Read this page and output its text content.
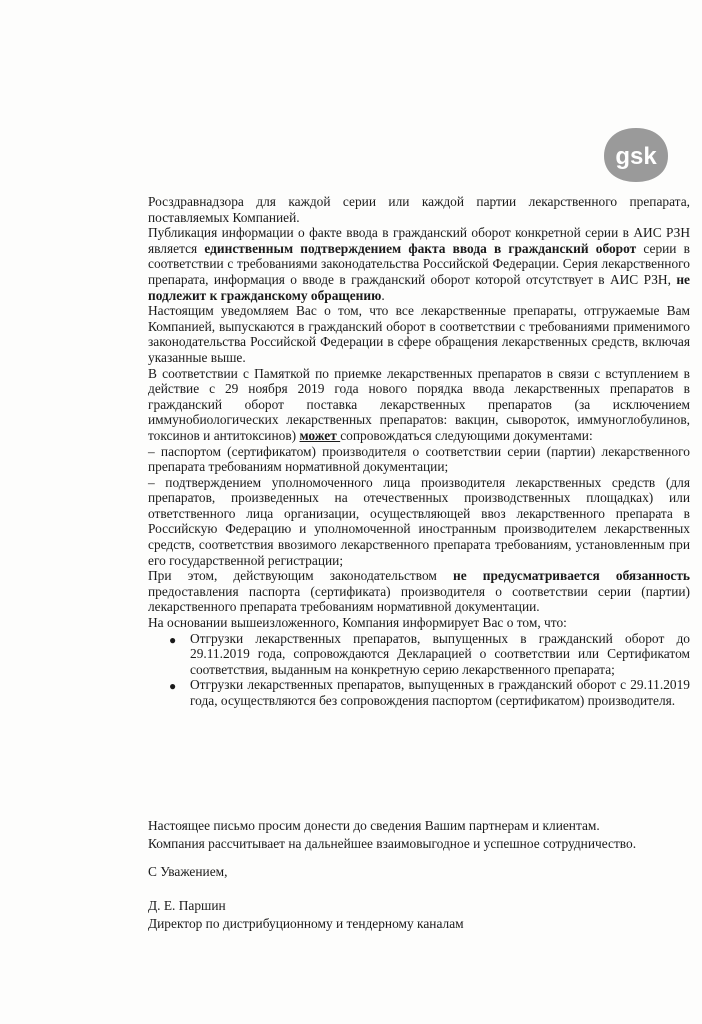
gsk

Росздравнадзора для каждой серии или каждой партии лекарственного препарата, поставляемых Компанией.

Публикация информации о факте ввода в гражданский оборот конкретной серии в АИС РЗН является единственным подтверждением факта ввода в гражданский оборот серии в соответствии с требованиями законодательства Российской Федерации. Серия лекарственного препарата, информация о вводе в гражданский оборот которой отсутствует в АИС РЗН, не подлежит к гражданскому обращению.

Настоящим уведомляем Вас о том, что все лекарственные препараты, отгружаемые Вам Компанией, выпускаются в гражданский оборот в соответствии с требованиями применимого законодательства Российской Федерации в сфере обращения лекарственных средств, включая указанные выше.

В соответствии с Памяткой по приемке лекарственных препаратов в связи с вступлением в действие с 29 ноября 2019 года нового порядка ввода лекарственных препаратов в гражданский оборот поставка лекарственных препаратов (за исключением иммунобиологических лекарственных препаратов: вакцин, сывороток, иммуноглобулинов, токсинов и антитоксинов) может сопровождаться следующими документами:

– паспортом (сертификатом) производителя о соответствии серии (партии) лекарственного препарата требованиям нормативной документации;

– подтверждением уполномоченного лица производителя лекарственных средств (для препаратов, произведенных на отечественных производственных площадках) или ответственного лица организации, осуществляющей ввоз лекарственного препарата в Российскую Федерацию и уполномоченной иностранным производителем лекарственных средств, соответствия ввозимого лекарственного препарата требованиям, установленным при его государственной регистрации;

При этом, действующим законодательством не предусматривается обязанность предоставления паспорта (сертификата) производителя о соответствии серии (партии) лекарственного препарата требованиям нормативной документации.

На основании вышеизложенного, Компания информирует Вас о том, что:

●	Отгрузки лекарственных препаратов, выпущенных в гражданский оборот до 29.11.2019 года, сопровождаются Декларацией о соответствии или Сертификатом соответствия, выданным на конкретную серию лекарственного препарата;
●	Отгрузки лекарственных препаратов, выпущенных в гражданский оборот с 29.11.2019 года, осуществляются без сопровождения паспортом (сертификатом) производителя.
Настоящее письмо просим донести до сведения Вашим партнерам и клиентам.
Компания рассчитывает на дальнейшее взаимовыгодное и успешное сотрудничество.
С Уважением,
Д. Е. Паршин
Директор по дистрибуционному и тендерному каналам
